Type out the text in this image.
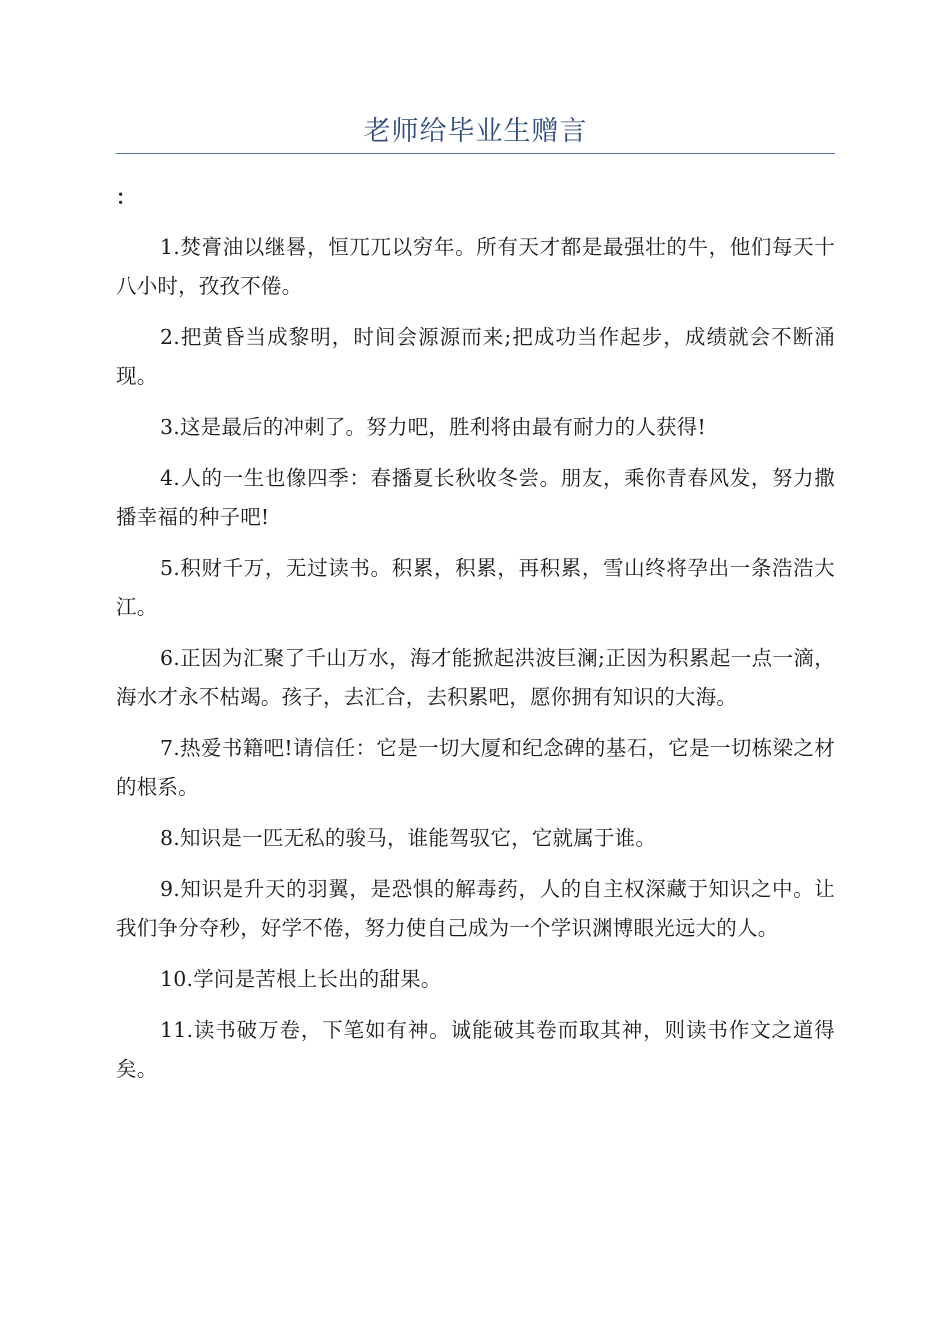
老师给毕业生赠言
：

1.焚膏油以继晷，恒兀兀以穷年。所有天才都是最强壮的牛，他们每天十八小时，孜孜不倦。

2.把黄昏当成黎明，时间会源源而来;把成功当作起步，成绩就会不断涌现。

3.这是最后的冲刺了。努力吧，胜利将由最有耐力的人获得!

4.人的一生也像四季：春播夏长秋收冬尝。朋友，乘你青春风发，努力撒播幸福的种子吧!

5.积财千万，无过读书。积累，积累，再积累，雪山终将孕出一条浩浩大江。

6.正因为汇聚了千山万水，海才能掀起洪波巨澜;正因为积累起一点一滴，海水才永不枯竭。孩子，去汇合，去积累吧，愿你拥有知识的大海。

7.热爱书籍吧!请信任：它是一切大厦和纪念碑的基石，它是一切栋梁之材的根系。

8.知识是一匹无私的骏马，谁能驾驭它，它就属于谁。

9.知识是升天的羽翼，是恐惧的解毒药，人的自主权深藏于知识之中。让我们争分夺秒，好学不倦，努力使自己成为一个学识渊博眼光远大的人。

10.学问是苦根上长出的甜果。

11.读书破万卷，下笔如有神。诚能破其卷而取其神，则读书作文之道得矣。
